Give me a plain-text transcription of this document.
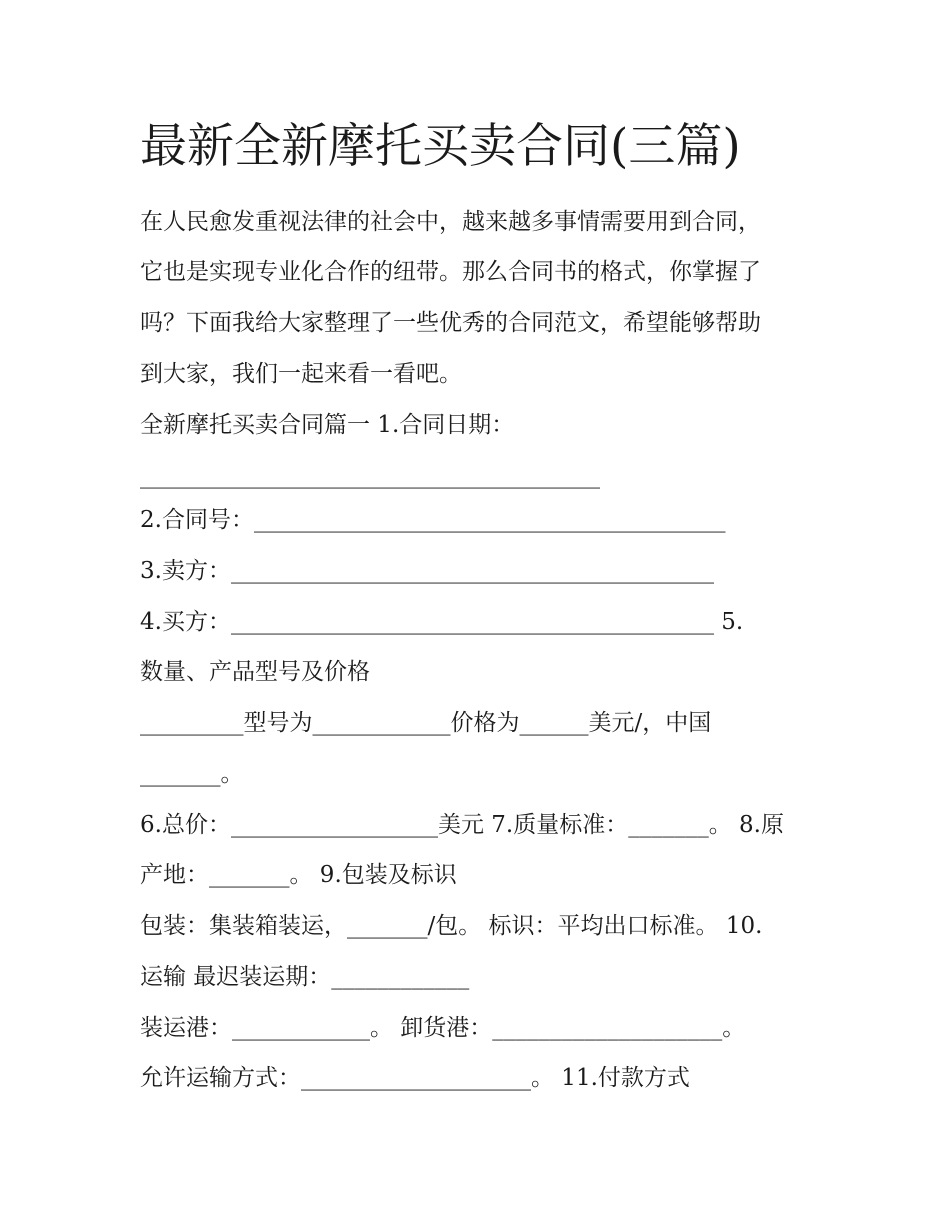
最新全新摩托买卖合同(三篇)

在人民愈发重视法律的社会中，越来越多事情需要用到合同，

它也是实现专业化合作的纽带。那么合同书的格式，你掌握了

吗？下面我给大家整理了一些优秀的合同范文，希望能够帮助

到大家，我们一起来看一看吧。

全新摩托买卖合同篇一 1.合同日期：

________________________________________

2.合同号：_________________________________________

3.卖方：__________________________________________

4.买方：__________________________________________ 5.

数量、产品型号及价格

_________型号为____________价格为______美元/，中国

_______。

6.总价：__________________美元 7.质量标准：_______。 8.原

产地：_______。 9.包装及标识

包装：集装箱装运，_______/包。 标识：平均出口标准。 10.

运输 最迟装运期：____________

装运港：____________。 卸货港：____________________。

允许运输方式：____________________。 11.付款方式
